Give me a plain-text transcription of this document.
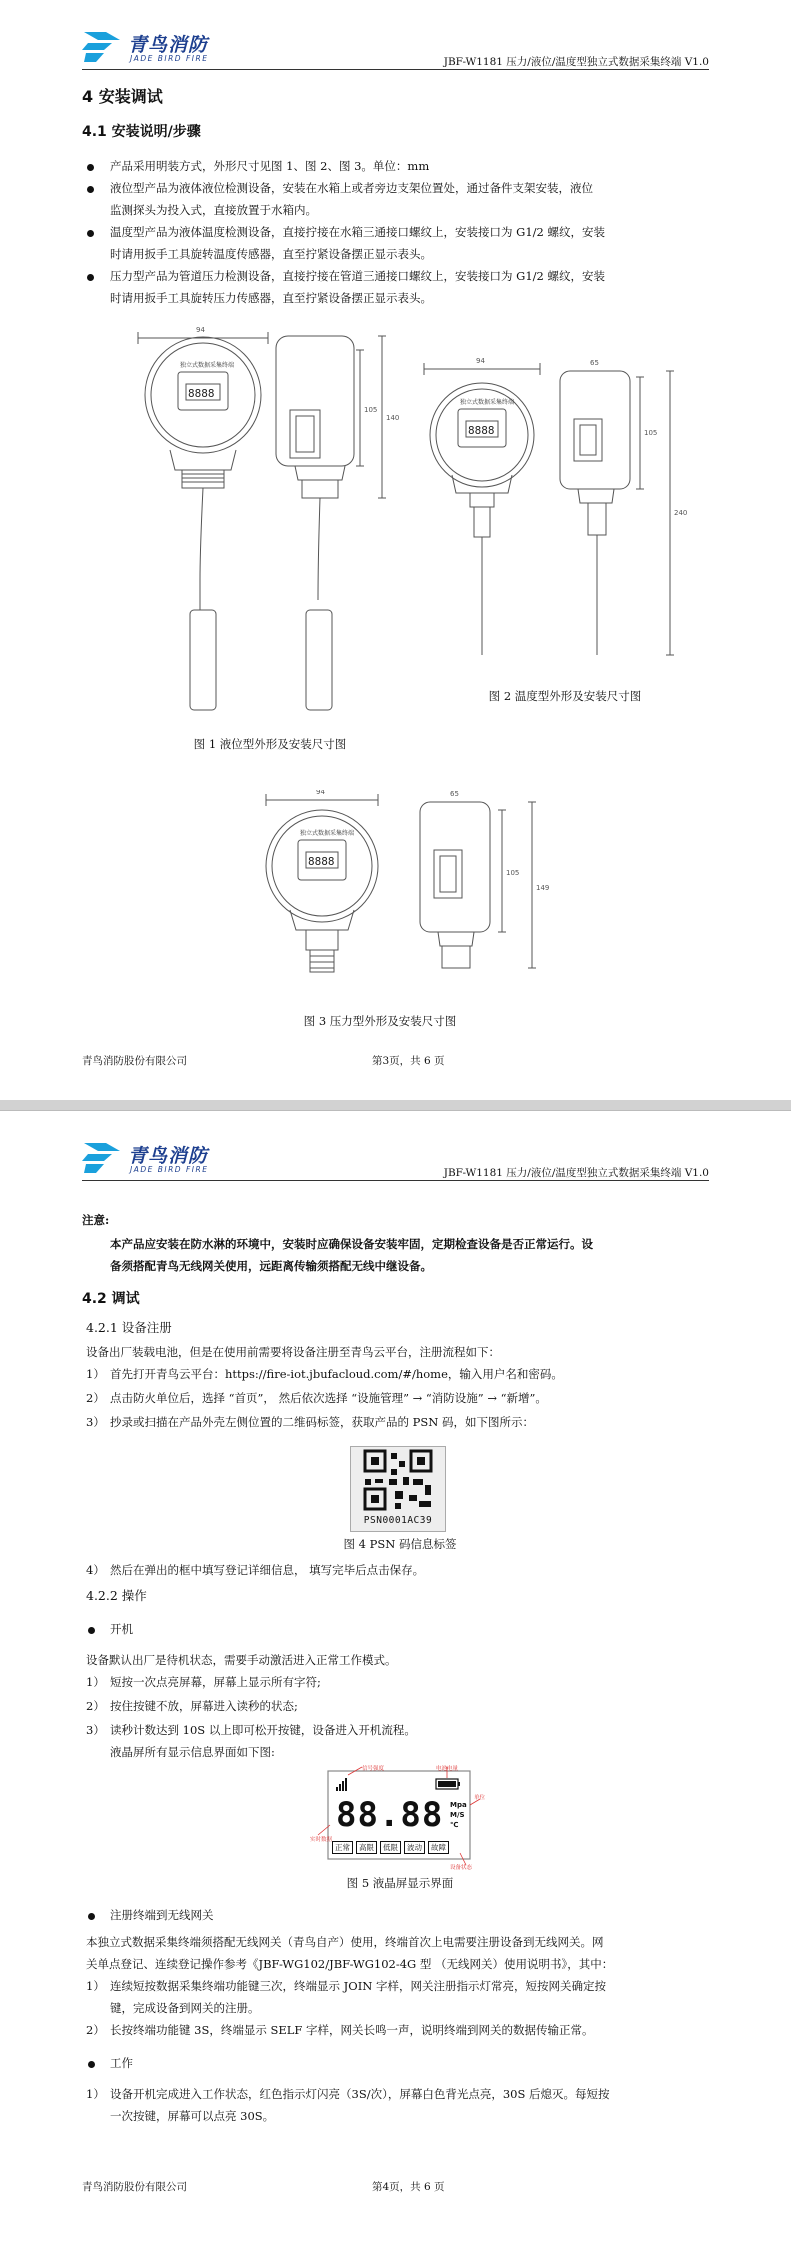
青鸟消防
JADE BIRD FIRE	JBF-W1181 压力/液位/温度型独立式数据采集终端 V1.0
4 安装调试
4.1 安装说明/步骤
产品采用明装方式，外形尺寸见图 1、图 2、图 3。单位：mm
液位型产品为液体液位检测设备，安装在水箱上或者旁边支架位置处，通过备件支架安装，液位
监测探头为投入式，直接放置于水箱内。
温度型产品为液体温度检测设备，直接拧接在水箱三通接口螺纹上，安装接口为 G1/2 螺纹，安装
时请用扳手工具旋转温度传感器，直至拧紧设备摆正显示表头。
压力型产品为管道压力检测设备，直接拧接在管道三通接口螺纹上，安装接口为 G1/2 螺纹，安装
时请用扳手工具旋转压力传感器，直至拧紧设备摆正显示表头。
94
独立式数据采集终端
8888
105
140
图 1 液位型外形及安装尺寸图
94	65
独立式数据采集终端
8888	105
240
图 2 温度型外形及安装尺寸图
94	65
独立式数据采集终端
8888
105
149
图 3 压力型外形及安装尺寸图
青鸟消防股份有限公司	第3页，共 6 页
青鸟消防
JADE BIRD FIRE	JBF-W1181 压力/液位/温度型独立式数据采集终端 V1.0
注意:
本产品应安装在防水淋的环境中，安装时应确保设备安装牢固，定期检查设备是否正常运行。设
备须搭配青鸟无线网关使用，远距离传输须搭配无线中继设备。
4.2 调试
4.2.1 设备注册
设备出厂装载电池，但是在使用前需要将设备注册至青鸟云平台，注册流程如下：
1） 首先打开青鸟云平台：https://fire-iot.jbufacloud.com/#/home，输入用户名和密码。
2） 点击防火单位后，选择 “首页”， 然后依次选择 “设施管理” → “消防设施” → “新增”。
3） 抄录或扫描在产品外壳左侧位置的二维码标签，获取产品的 PSN 码，如下图所示：
PSN0001AC39
图 4 PSN 码信息标签
4） 然后在弹出的框中填写登记详细信息， 填写完毕后点击保存。
4.2.2 操作
开机
设备默认出厂是待机状态，需要手动激活进入正常工作模式。
1） 短按一次点亮屏幕，屏幕上显示所有字符;
2） 按住按键不放，屏幕进入读秒的状态;
3） 读秒计数达到 10S 以上即可松开按键，设备进入开机流程。
液晶屏所有显示信息界面如下图:
信号强度	电池电量
单位
实时数据
设备状态
88.88 Mpa
M/S
℃
正常	高限	低限	波动	故障
图 5 液晶屏显示界面
注册终端到无线网关
本独立式数据采集终端须搭配无线网关（青鸟自产）使用，终端首次上电需要注册设备到无线网关。网
关单点登记、连续登记操作参考《JBF-WG102/JBF-WG102-4G 型 （无线网关）使用说明书》，其中：
1） 连续短按数据采集终端功能键三次，终端显示 JOIN 字样，网关注册指示灯常亮，短按网关确定按
键，完成设备到网关的注册。
2） 长按终端功能键 3S，终端显示 SELF 字样，网关长鸣一声，说明终端到网关的数据传输正常。
工作
1） 设备开机完成进入工作状态，红色指示灯闪亮（3S/次），屏幕白色背光点亮，30S 后熄灭。每短按
一次按键，屏幕可以点亮 30S。
青鸟消防股份有限公司	第4页，共 6 页
